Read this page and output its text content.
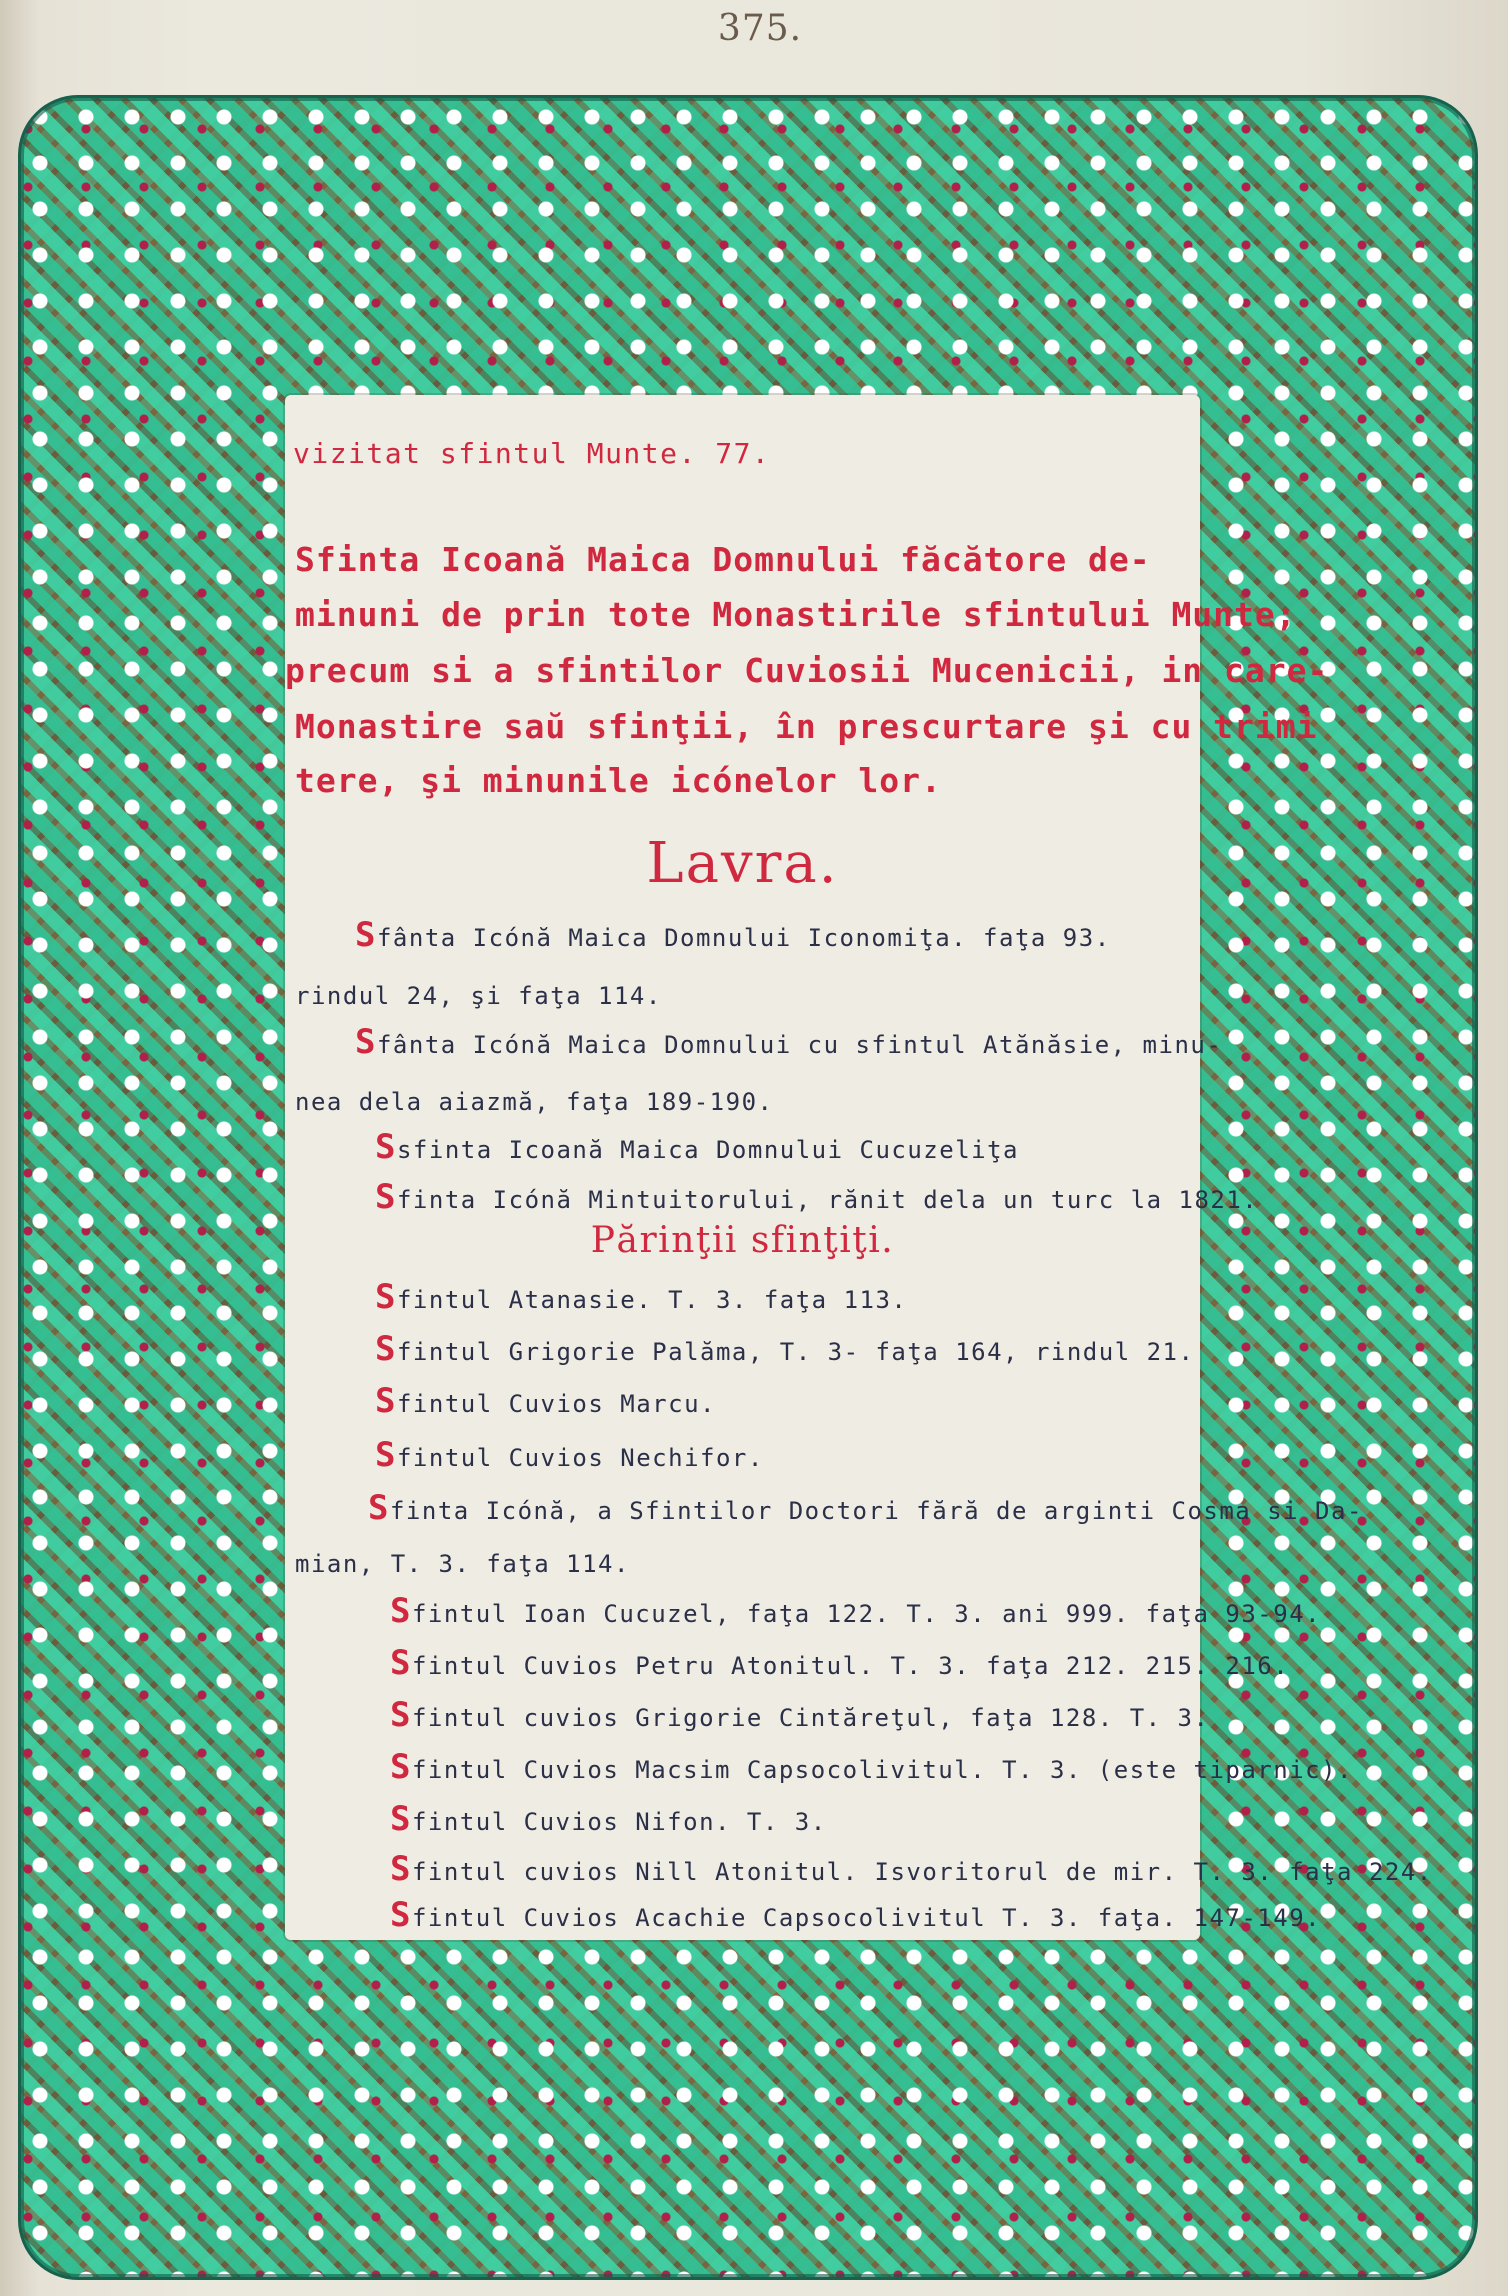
375.
vizitat sfintul Munte. 77.
Sfinta Icoană Maica Domnului făcătore de-
minuni de prin tote Monastirile sfintului Munte;
precum si a sfintilor Cuviosii Mucenicii, in care-
Monastire saŭ sfinţii, în prescurtare şi cu trimi
tere, şi minunile icónelor lor.
Lavra.
Sfânta Icónă Maica Domnului Iconomiţa. faţa 93.
rindul 24, şi faţa 114.
Sfânta Icónă Maica Domnului cu sfintul Atănăsie, minu-
nea dela aiazmă, faţa 189-190.
Ssfinta Icoană Maica Domnului Cucuzeliţa
Sfinta Icónă Mintuitorului, rănit dela un turc la 1821.
Părinţii sfinţiţi.
Sfintul Atanasie. T. 3. faţa 113.
Sfintul Grigorie Palăma, T. 3- faţa 164, rindul 21.
Sfintul Cuvios Marcu.
Sfintul Cuvios Nechifor.
Sfinta Icónă, a Sfintilor Doctori fără de arginti Cosma si Da-
mian, T. 3. faţa 114.
Sfintul Ioan Cucuzel, faţa 122. T. 3. ani 999. faţa 93-94.
Sfintul Cuvios Petru Atonitul. T. 3. faţa 212. 215. 216.
Sfintul cuvios Grigorie Cintăreţul, faţa 128. T. 3.
Sfintul Cuvios Macsim Capsocolivitul. T. 3. (este tiparnic).
Sfintul Cuvios Nifon. T. 3.
Sfintul cuvios Nill Atonitul. Isvoritorul de mir. T. 3. faţa 224.
Sfintul Cuvios Acachie Capsocolivitul T. 3. faţa. 147-149.
